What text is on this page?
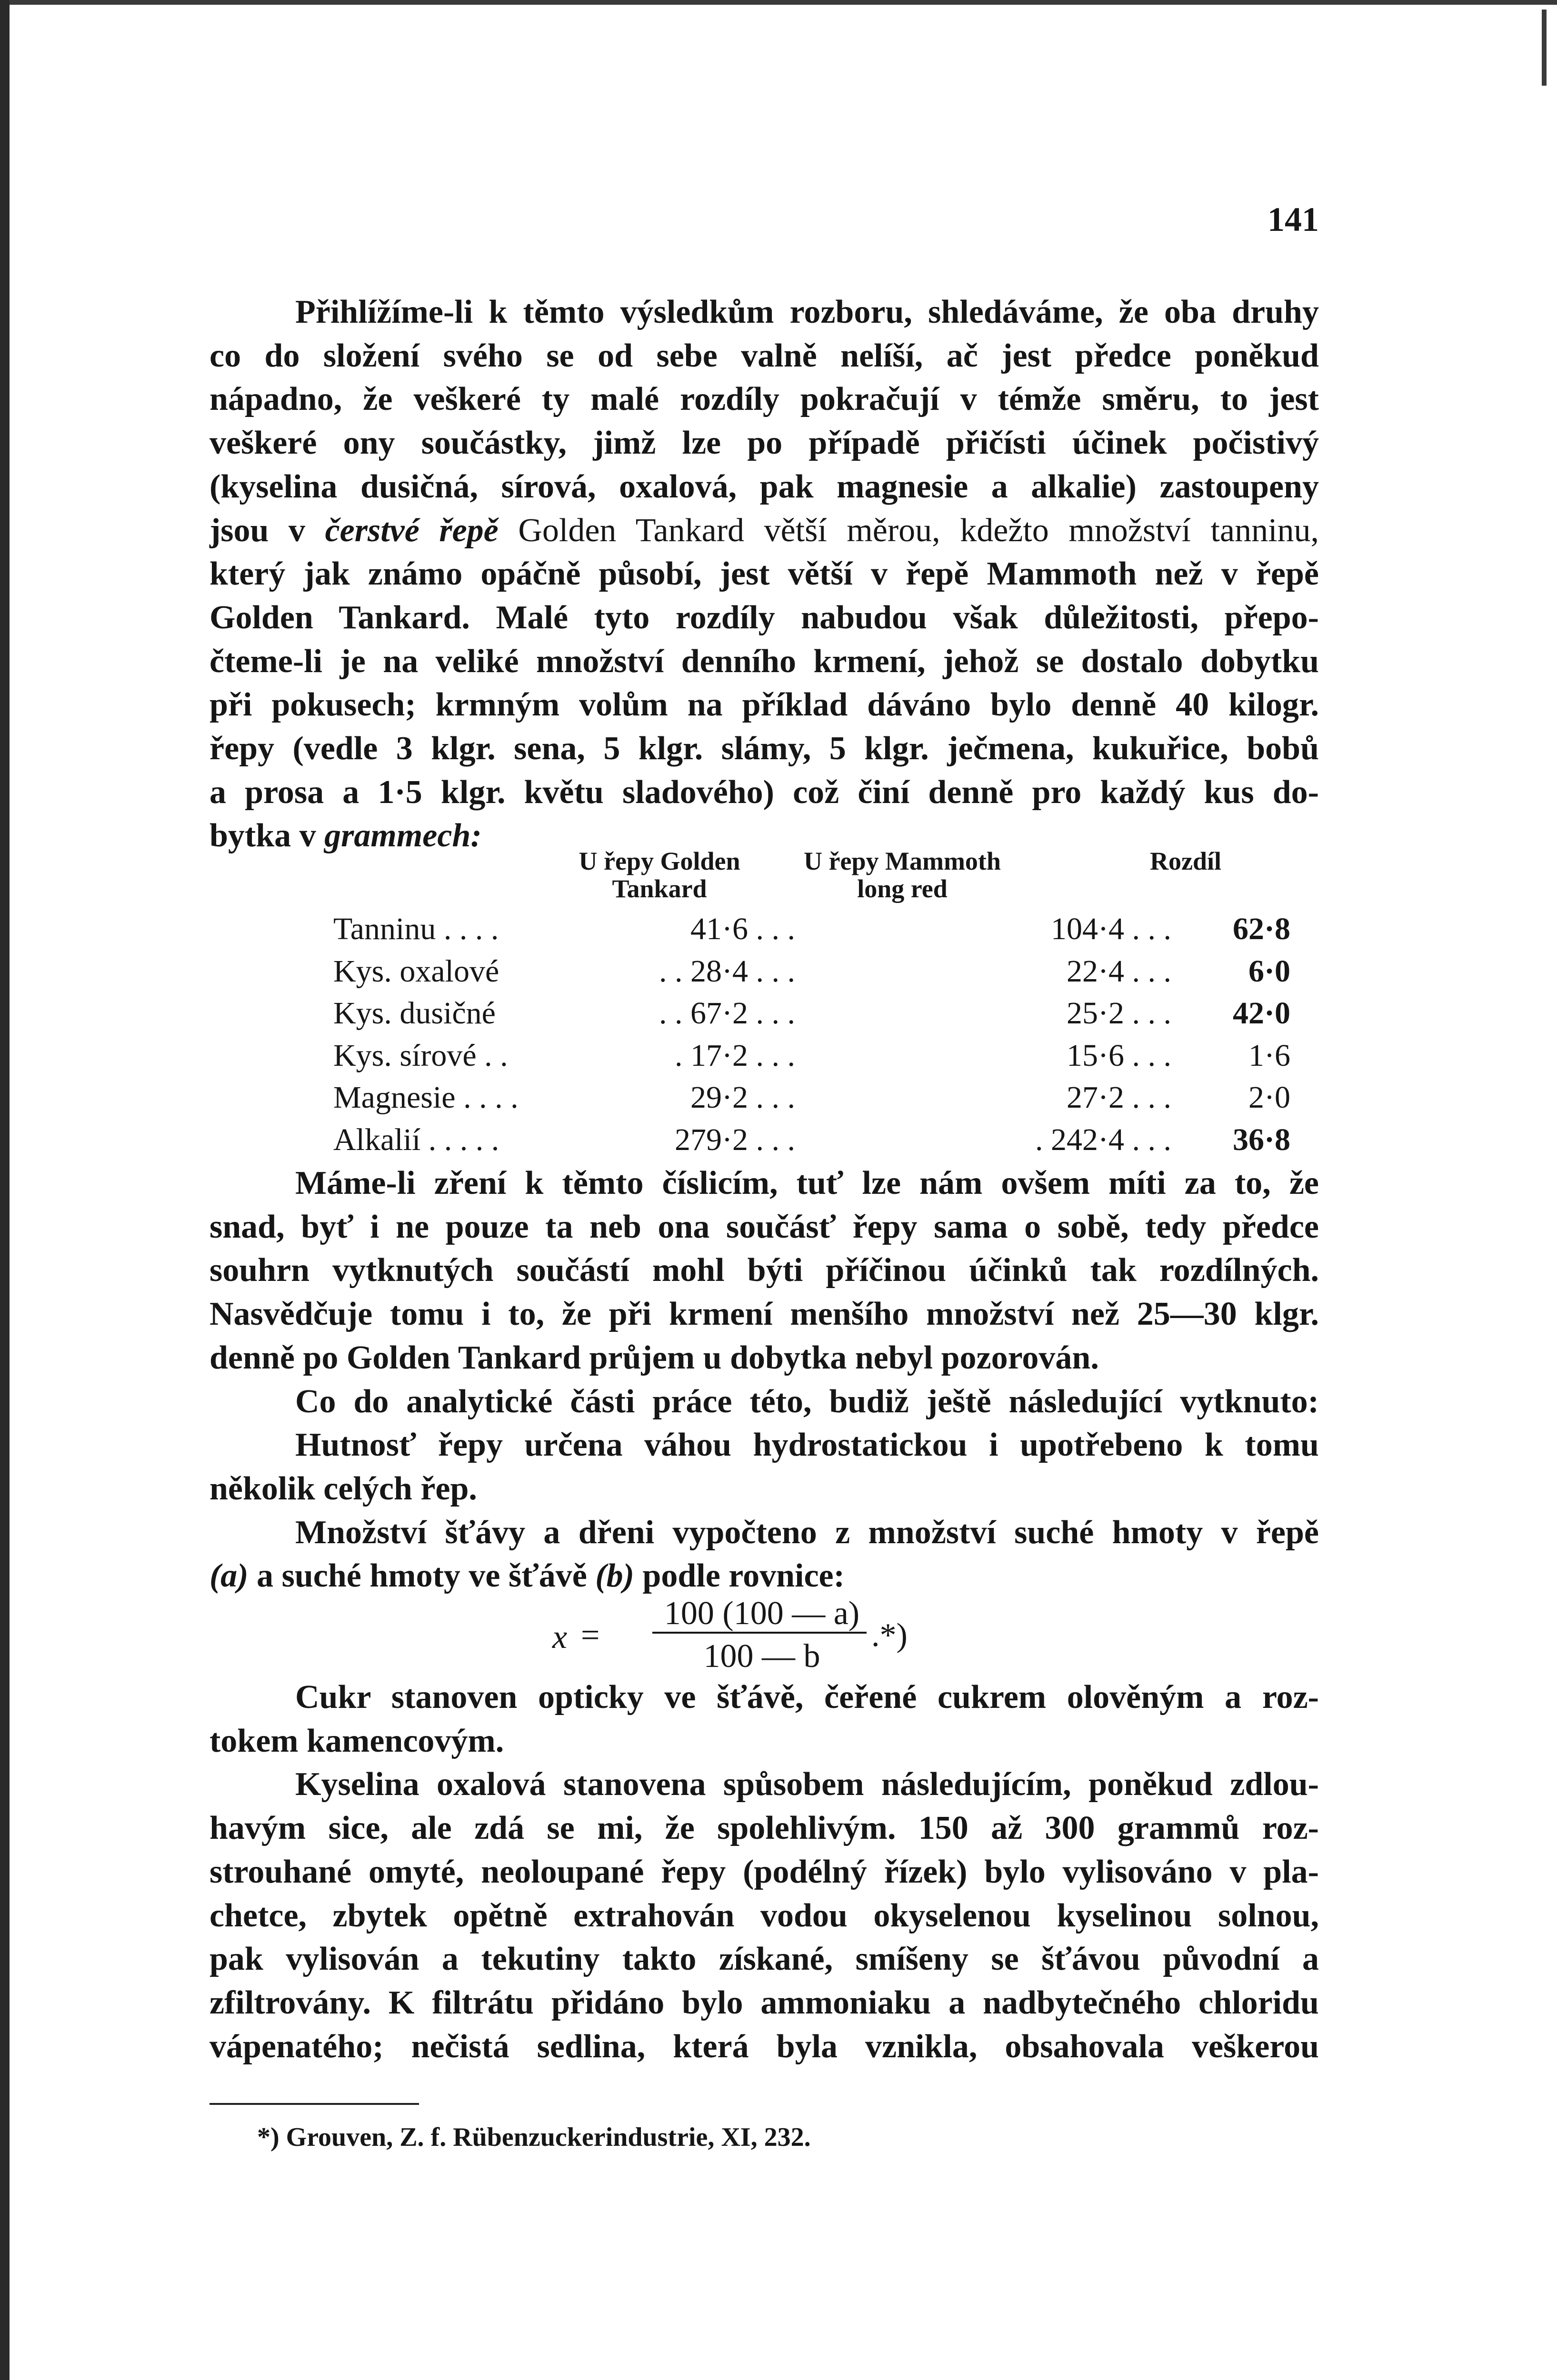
141
Přihlížíme-li k těmto výsledkům rozboru, shledáváme, že oba druhy
co do složení svého se od sebe valně nelíší, ač jest předce poněkud
nápadno, že veškeré ty malé rozdíly pokračují v témže směru, to jest
veškeré ony součástky, jimž lze po případě přičísti účinek počistivý
(kyselina dusičná, sírová, oxalová, pak magnesie a alkalie) zastoupeny
jsou v čerstvé řepě Golden Tankard větší měrou, kdežto množství tanninu,
který jak známo opáčně působí, jest větší v řepě Mammoth než v řepě
Golden Tankard. Malé tyto rozdíly nabudou však důležitosti, přepo-
čteme-li je na veliké množství denního krmení, jehož se dostalo dobytku
při pokusech; krmným volům na příklad dáváno bylo denně 40 kilogr.
řepy (vedle 3 klgr. sena, 5 klgr. slámy, 5 klgr. ječmena, kukuřice, bobů
a prosa a 1·5 klgr. květu sladového) což činí denně pro každý kus do-
bytka v grammech:
U řepy Golden
Tankard
U řepy Mammoth
long red
Rozdíl
Tanninu . . . .	41·6 . . .	104·4 . . .	62·8
Kys. oxalové	. . 28·4 . . .	22·4 . . .	6·0
Kys. dusičné	. . 67·2 . . .	25·2 . . .	42·0
Kys. sírové . .	. 17·2 . . .	15·6 . . .	1·6
Magnesie . . . .	29·2 . . .	27·2 . . .	2·0
Alkalií . . . . .	279·2 . . .	. 242·4 . . .	36·8
Máme-li zření k těmto číslicím, tuť lze nám ovšem míti za to, že
snad, byť i ne pouze ta neb ona součásť řepy sama o sobě, tedy předce
souhrn vytknutých součástí mohl býti příčinou účinků tak rozdílných.
Nasvědčuje tomu i to, že při krmení menšího množství než 25—30 klgr.
denně po Golden Tankard průjem u dobytka nebyl pozorován.
Co do analytické části práce této, budiž ještě následující vytknuto:
Hutnosť řepy určena váhou hydrostatickou i upotřebeno k tomu
několik celých řep.
Množství šťávy a dřeni vypočteno z množství suché hmoty v řepě
(a) a suché hmoty ve šťávě (b) podle rovnice:
x =
100 (100 — a)
100 — b
.*)
Cukr stanoven opticky ve šťávě, čeřené cukrem olověným a roz-
tokem kamencovým.
Kyselina oxalová stanovena spůsobem následujícím, poněkud zdlou-
havým sice, ale zdá se mi, že spolehlivým. 150 až 300 grammů roz-
strouhané omyté, neoloupané řepy (podélný řízek) bylo vylisováno v pla-
chetce, zbytek opětně extrahován vodou okyselenou kyselinou solnou,
pak vylisován a tekutiny takto získané, smíšeny se šťávou původní a
zfiltrovány. K filtrátu přidáno bylo ammoniaku a nadbytečného chloridu
vápenatého; nečistá sedlina, která byla vznikla, obsahovala veškerou
*) Grouven, Z. f. Rübenzuckerindustrie, XI, 232.
